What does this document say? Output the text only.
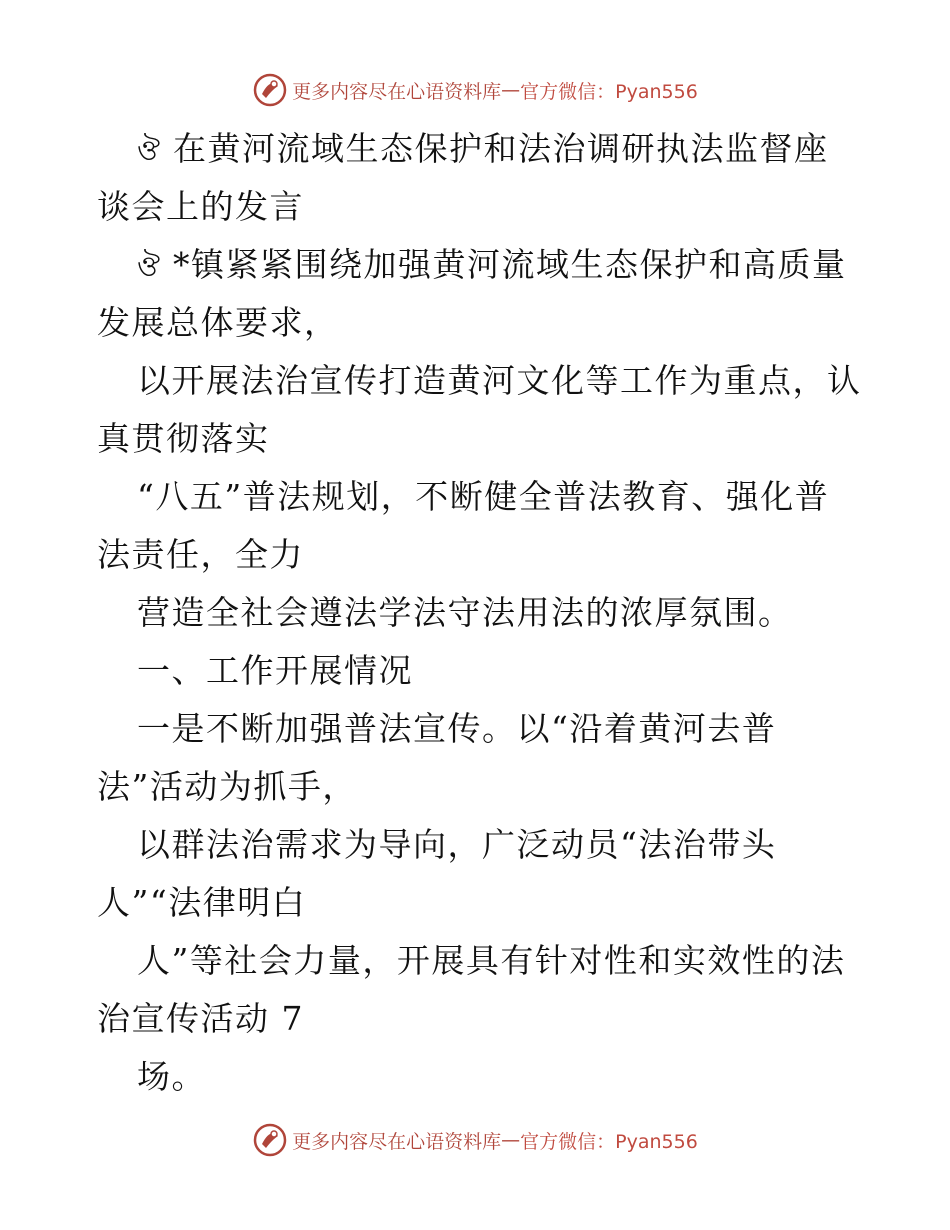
更多内容尽在心语资料库 — 官方微信：Pyan556
ঔ 在黄河流域生态保护和法治调研执法监督座
谈会上的发言
ঔ *镇紧紧围绕加强黄河流域生态保护和高质量
发展总体要求，
以开展法治宣传打造黄河文化等工作为重点，认
真贯彻落实
“八五”普法规划，不断健全普法教育、强化普
法责任，全力
营造全社会遵法学法守法用法的浓厚氛围。
一、工作开展情况
一是不断加强普法宣传。以“沿着黄河去普
法”活动为抓手，
以群法治需求为导向，广泛动员“法治带头
人”“法律明白
人”等社会力量，开展具有针对性和实效性的法
治宣传活动 7
场。
更多内容尽在心语资料库 — 官方微信：Pyan556
